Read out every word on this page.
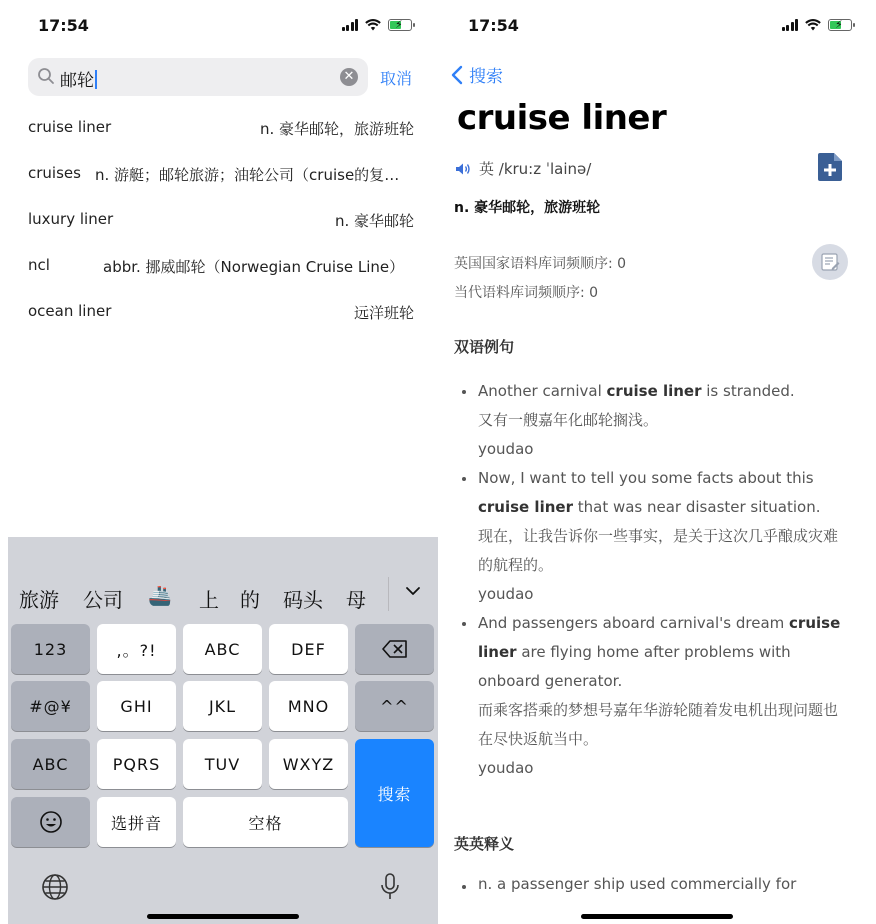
17:54	⚡
邮轮	✕ 取消
cruise liner	n. 豪华邮轮，旅游班轮
cruises n. 游艇；邮轮旅游；油轮公司（cruise的复数）
luxury liner	n. 豪华邮轮
ncl	abbr. 挪威邮轮（Norwegian Cruise Line）
ocean liner	远洋班轮
旅游 公司 🚢 上 的 码头 母
123	,。?!	ABC	DEF
#@¥	GHI	JKL	MNO	^^
ABC	PQRS	TUV	WXYZ
搜索
选拼音	空格
17:54	⚡
搜索
cruise liner
英 /kru:z ˈlainə/
n. 豪华邮轮，旅游班轮
英国国家语料库词频顺序: 0
当代语料库词频顺序: 0
双语例句
Another carnival cruise liner is stranded.
又有一艘嘉年化邮轮搁浅。
youdao
Now, I want to tell you some facts about this cruise liner that was near disaster situation.
现在，让我告诉你一些事实，是关于这次几乎酿成灾难的航程的。
youdao
And passengers aboard carnival's dream cruise liner are flying home after problems with onboard generator.
而乘客搭乘的梦想号嘉年华游轮随着发电机出现问题也在尽快返航当中。
youdao
英英释义
n. a passenger ship used commercially for
